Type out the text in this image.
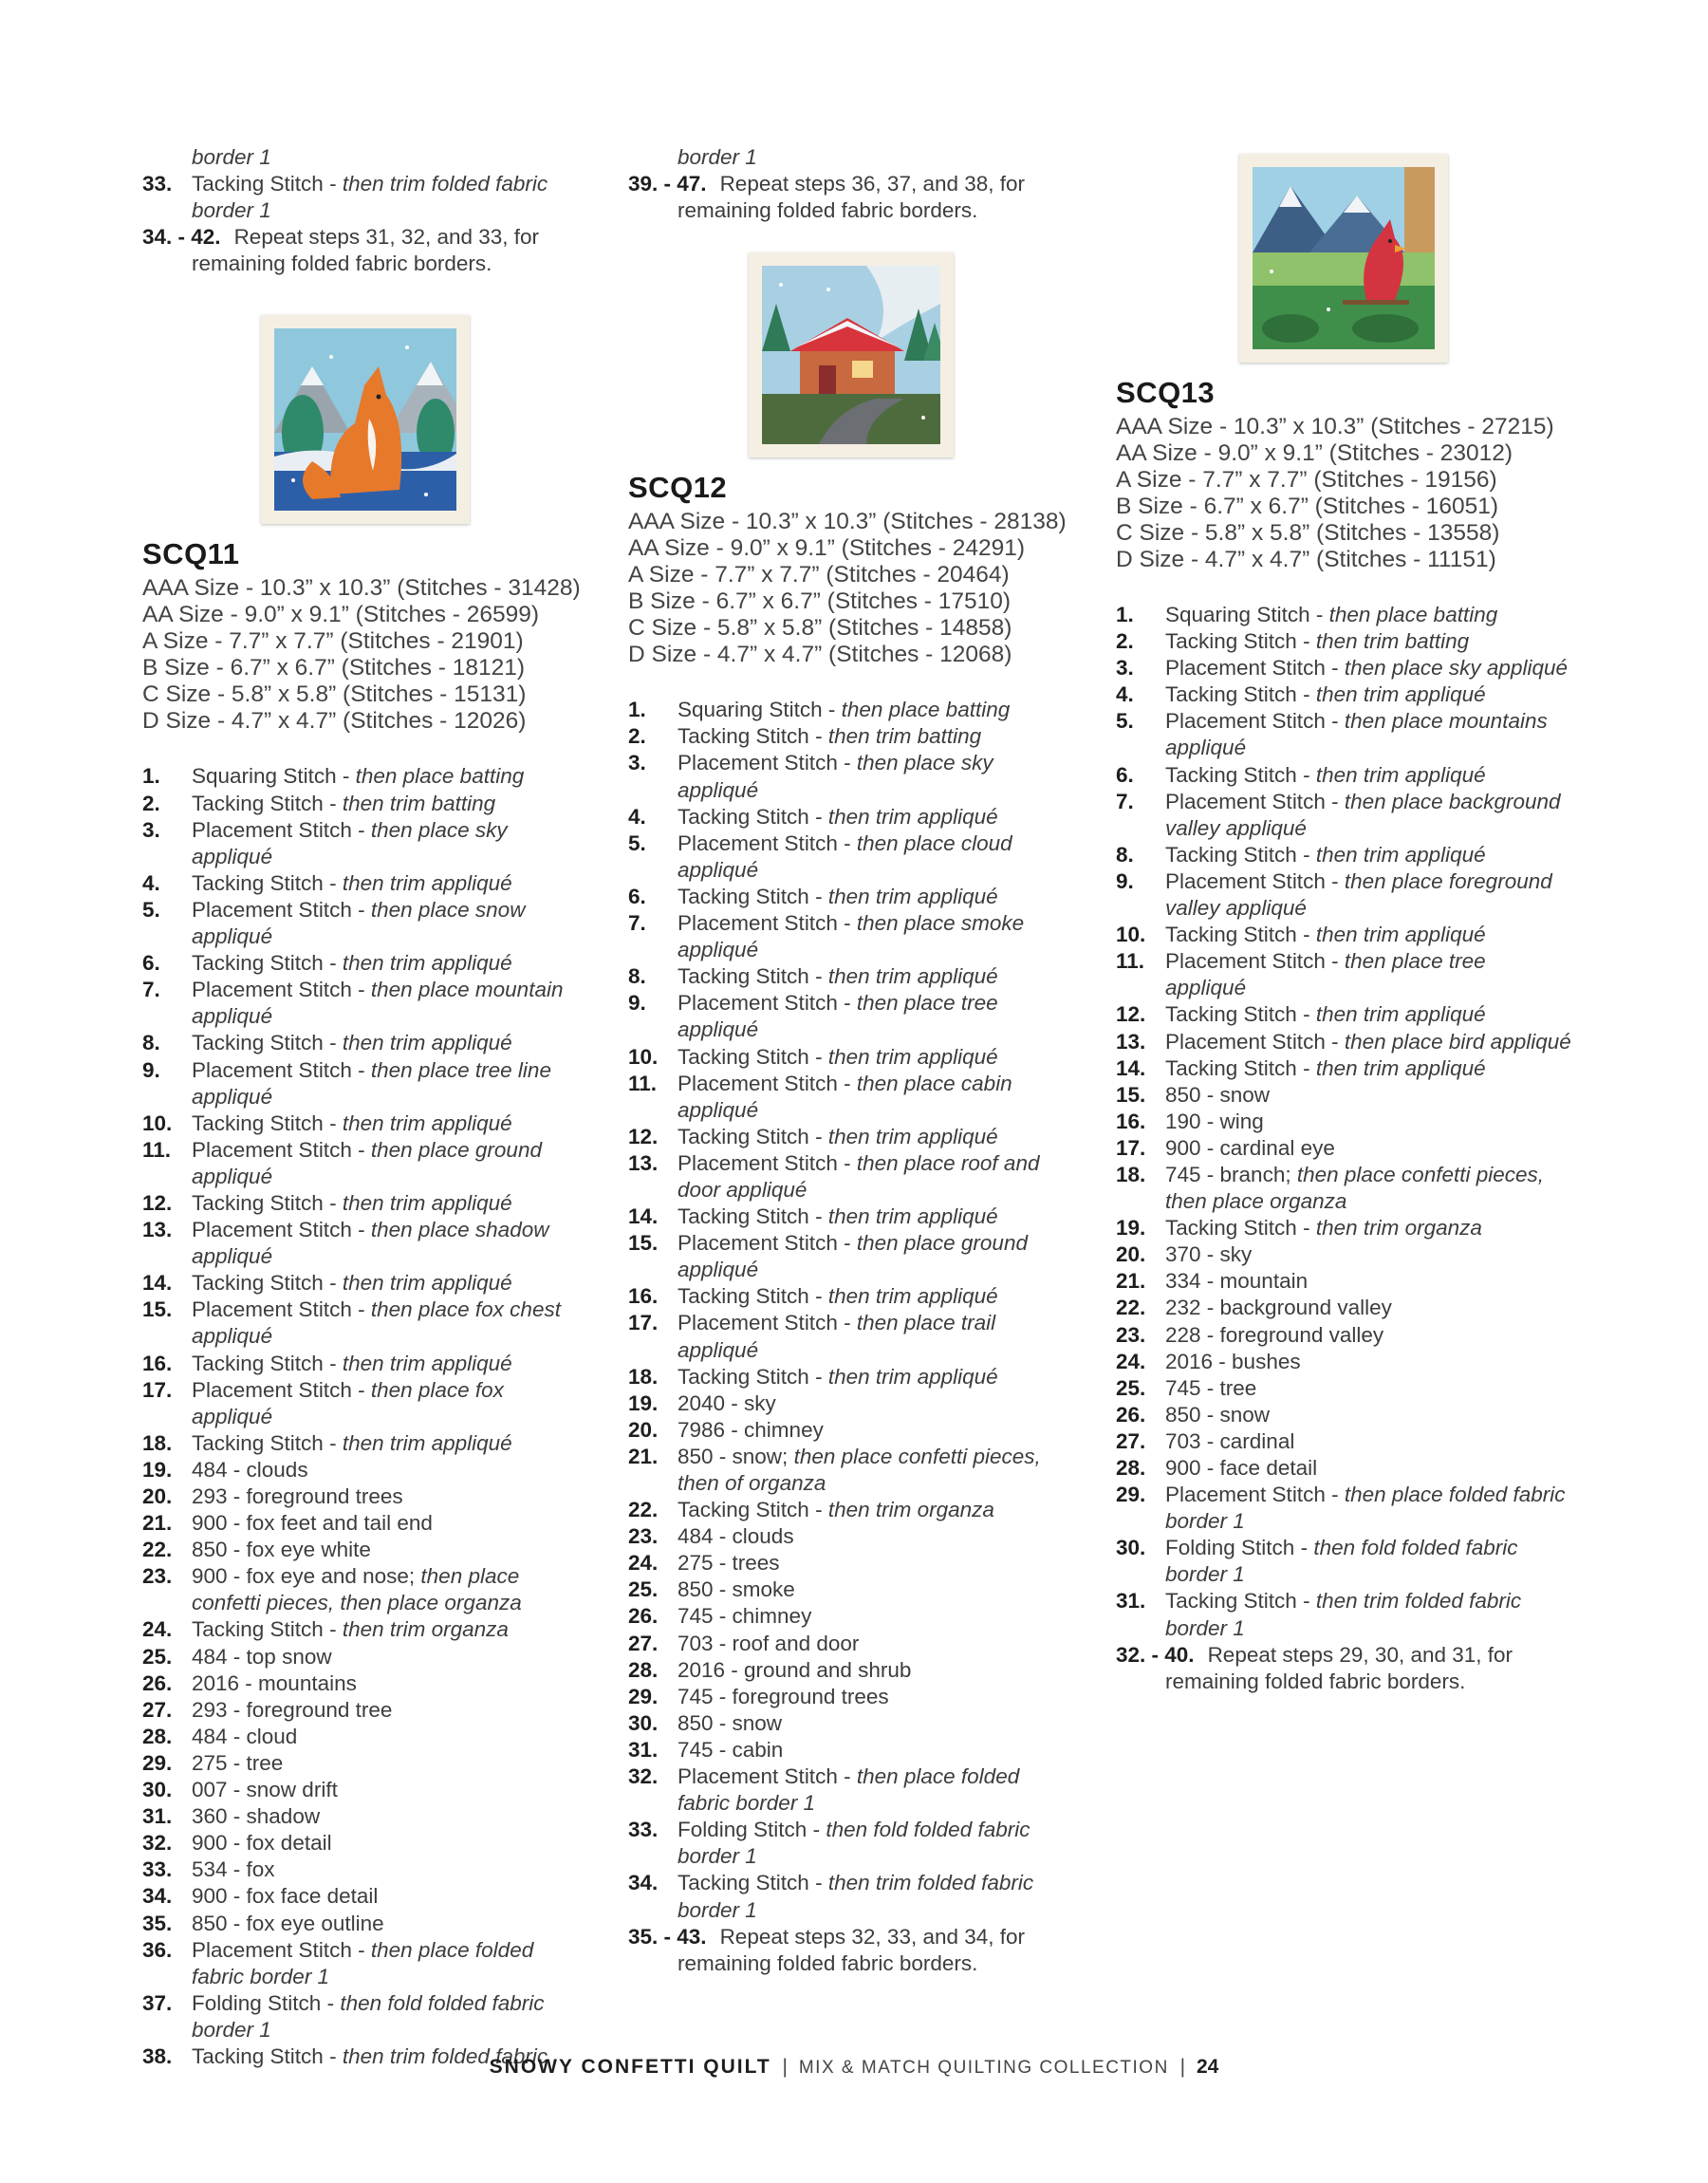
border 1
33. Tacking Stitch - then trim folded fabric border 1
34. - 42. Repeat steps 31, 32, and 33, for remaining folded fabric borders.
SCQ11
AAA Size - 10.3” x 10.3” (Stitches - 31428)
AA Size - 9.0” x 9.1” (Stitches - 26599)
A Size - 7.7” x 7.7” (Stitches - 21901)
B Size - 6.7” x 6.7” (Stitches - 18121)
C Size - 5.8” x 5.8” (Stitches - 15131)
D Size - 4.7” x 4.7” (Stitches - 12026)
1. Squaring Stitch - then place batting
2. Tacking Stitch - then trim batting
3. Placement Stitch - then place sky appliqué
4. Tacking Stitch - then trim appliqué
5. Placement Stitch - then place snow appliqué
6. Tacking Stitch - then trim appliqué
7. Placement Stitch - then place mountain appliqué
8. Tacking Stitch - then trim appliqué
9. Placement Stitch - then place tree line appliqué
10. Tacking Stitch - then trim appliqué
11. Placement Stitch - then place ground appliqué
12. Tacking Stitch - then trim appliqué
13. Placement Stitch - then place shadow appliqué
14. Tacking Stitch - then trim appliqué
15. Placement Stitch - then place fox chest appliqué
16. Tacking Stitch - then trim appliqué
17. Placement Stitch - then place fox appliqué
18. Tacking Stitch - then trim appliqué
19. 484 - clouds
20. 293 - foreground trees
21. 900 - fox feet and tail end
22. 850 - fox eye white
23. 900 - fox eye and nose; then place confetti pieces, then place organza
24. Tacking Stitch - then trim organza
25. 484 - top snow
26. 2016 - mountains
27. 293 - foreground tree
28. 484 - cloud
29. 275 - tree
30. 007 - snow drift
31. 360 - shadow
32. 900 - fox detail
33. 534 - fox
34. 900 - fox face detail
35. 850 - fox eye outline
36. Placement Stitch - then place folded fabric border 1
37. Folding Stitch - then fold folded fabric border 1
38. Tacking Stitch - then trim folded fabric
border 1
39. - 47. Repeat steps 36, 37, and 38, for remaining folded fabric borders.
SCQ12
AAA Size - 10.3” x 10.3” (Stitches - 28138)
AA Size - 9.0” x 9.1” (Stitches - 24291)
A Size - 7.7” x 7.7” (Stitches - 20464)
B Size - 6.7” x 6.7” (Stitches - 17510)
C Size - 5.8” x 5.8” (Stitches - 14858)
D Size - 4.7” x 4.7” (Stitches - 12068)
1. Squaring Stitch - then place batting
2. Tacking Stitch - then trim batting
3. Placement Stitch - then place sky appliqué
4. Tacking Stitch - then trim appliqué
5. Placement Stitch - then place cloud appliqué
6. Tacking Stitch - then trim appliqué
7. Placement Stitch - then place smoke appliqué
8. Tacking Stitch - then trim appliqué
9. Placement Stitch - then place tree appliqué
10. Tacking Stitch - then trim appliqué
11. Placement Stitch - then place cabin appliqué
12. Tacking Stitch - then trim appliqué
13. Placement Stitch - then place roof and door appliqué
14. Tacking Stitch - then trim appliqué
15. Placement Stitch - then place ground appliqué
16. Tacking Stitch - then trim appliqué
17. Placement Stitch - then place trail appliqué
18. Tacking Stitch - then trim appliqué
19. 2040 - sky
20. 7986 - chimney
21. 850 - snow; then place confetti pieces, then of organza
22. Tacking Stitch - then trim organza
23. 484 - clouds
24. 275 - trees
25. 850 - smoke
26. 745 - chimney
27. 703 - roof and door
28. 2016 - ground and shrub
29. 745 - foreground trees
30. 850 - snow
31. 745 - cabin
32. Placement Stitch - then place folded fabric border 1
33. Folding Stitch - then fold folded fabric border 1
34. Tacking Stitch - then trim folded fabric border 1
35. - 43. Repeat steps 32, 33, and 34, for remaining folded fabric borders.
SCQ13
AAA Size - 10.3” x 10.3” (Stitches - 27215)
AA Size - 9.0” x 9.1” (Stitches - 23012)
A Size - 7.7” x 7.7” (Stitches - 19156)
B Size - 6.7” x 6.7” (Stitches - 16051)
C Size - 5.8” x 5.8” (Stitches - 13558)
D Size - 4.7” x 4.7” (Stitches - 11151)
1. Squaring Stitch - then place batting
2. Tacking Stitch - then trim batting
3. Placement Stitch - then place sky appliqué
4. Tacking Stitch - then trim appliqué
5. Placement Stitch - then place mountains appliqué
6. Tacking Stitch - then trim appliqué
7. Placement Stitch - then place background valley appliqué
8. Tacking Stitch - then trim appliqué
9. Placement Stitch - then place foreground valley appliqué
10. Tacking Stitch - then trim appliqué
11. Placement Stitch - then place tree appliqué
12. Tacking Stitch - then trim appliqué
13. Placement Stitch - then place bird appliqué
14. Tacking Stitch - then trim appliqué
15. 850 - snow
16. 190 - wing
17. 900 - cardinal eye
18. 745 - branch; then place confetti pieces, then place organza
19. Tacking Stitch - then trim organza
20. 370 - sky
21. 334 - mountain
22. 232 - background valley
23. 228 - foreground valley
24. 2016 - bushes
25. 745 - tree
26. 850 - snow
27. 703 - cardinal
28. 900 - face detail
29. Placement Stitch - then place folded fabric border 1
30. Folding Stitch - then fold folded fabric border 1
31. Tacking Stitch - then trim folded fabric border 1
32. - 40. Repeat steps 29, 30, and 31, for remaining folded fabric borders.
SNOWY CONFETTI QUILT | MIX & MATCH QUILTING COLLECTION | 24
